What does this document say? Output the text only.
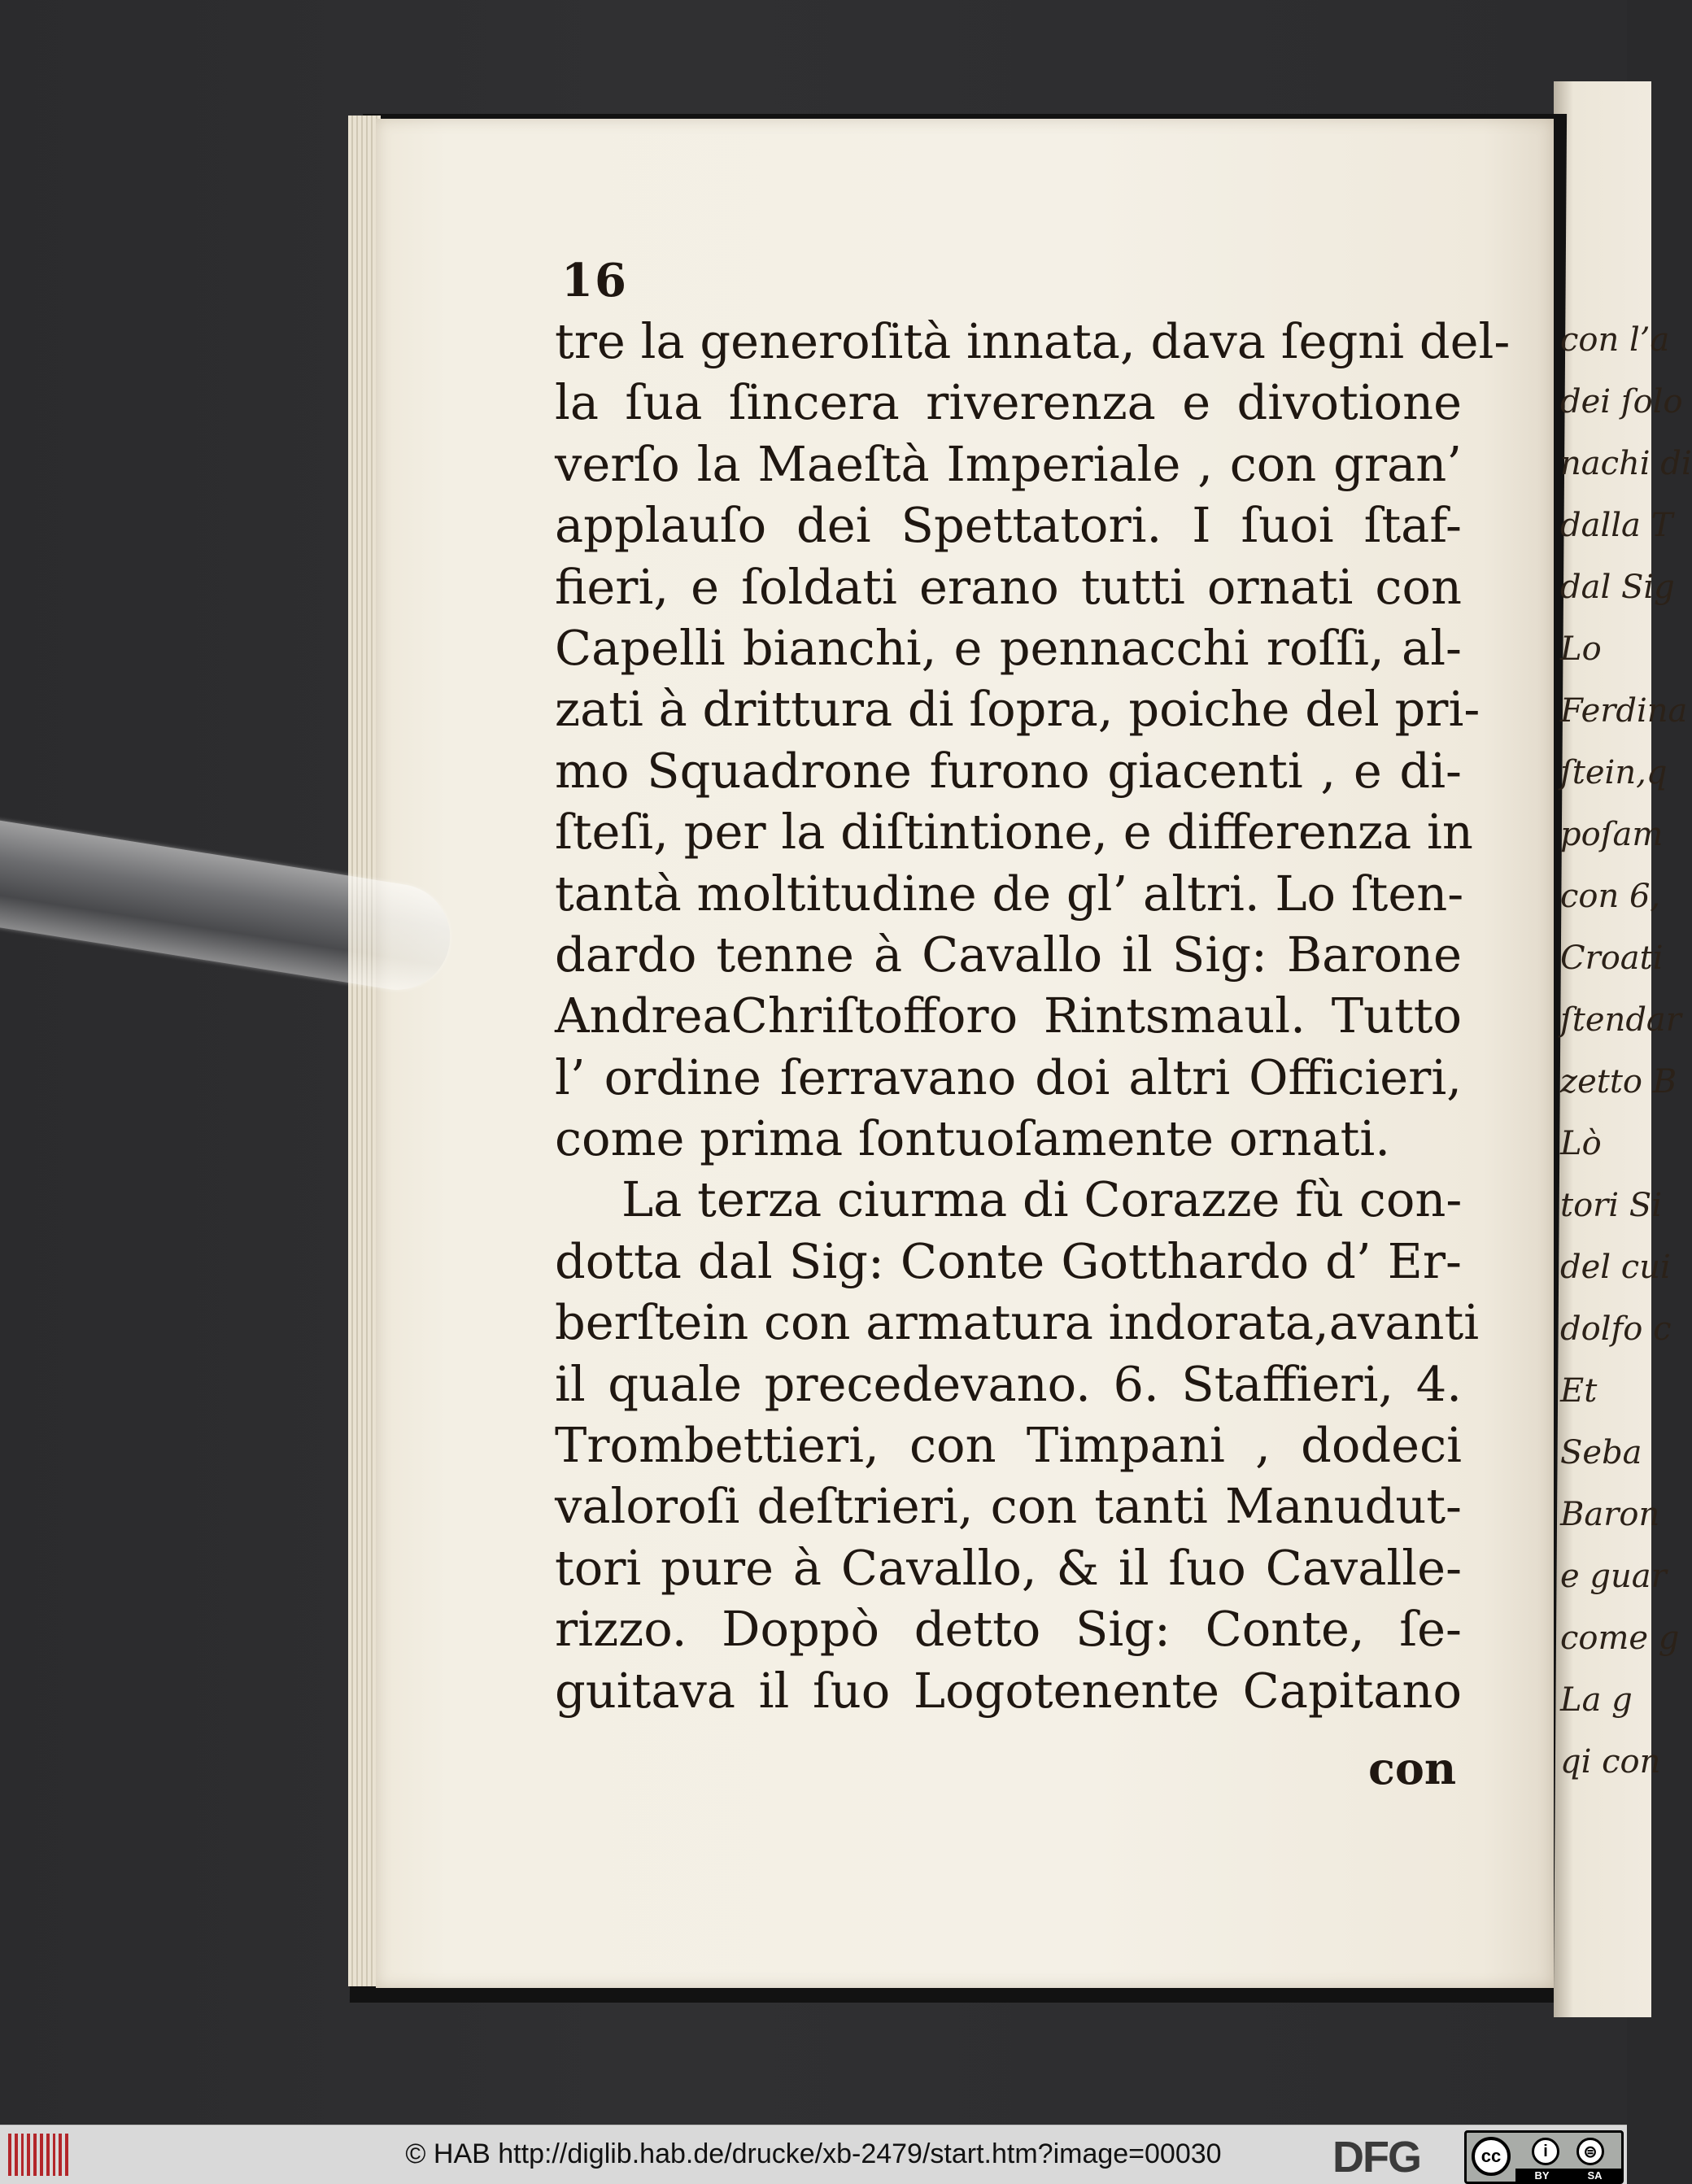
16
tre la generoſità innata, dava ſegni del-
la ſua ſincera riverenza e divotione
verſo la Maeſtà Imperiale , con gran’
applauſo dei Spettatori. I ſuoi ſtaf-
fieri, e ſoldati erano tutti ornati con
Capelli bianchi, e pennacchi roſſi, al-
zati à drittura di ſopra, poiche del pri-
mo Squadrone furono giacenti , e di-
ſteſi, per la diſtintione, e differenza in
tantà moltitudine de gl’ altri. Lo ſten-
dardo tenne à Cavallo il Sig: Barone
AndreaChriſtofforo Rintsmaul. Tutto
l’ ordine ſerravano doi altri Officieri,
come prima ſontuoſamente ornati.
La terza ciurma di Corazze fù con-
dotta dal Sig: Conte Gotthardo d’ Er-
berſtein con armatura indorata,avanti
il quale precedevano. 6. Staffieri, 4.
Trombettieri, con Timpani , dodeci
valoroſi deſtrieri, con tanti Manudut-
tori pure à Cavallo, & il ſuo Cavalle-
rizzo. Doppò detto Sig: Conte, ſe-
guitava il ſuo Logotenente Capitano
con
con l’a
dei ſolo
nachi di
dalla T
dal Sig
Lo
Ferdina
ſtein,q
poſam
con 6,
Croati
ſtendar
zetto B
Lò
tori Si
del cui
dolfo c
Et
Seba
Baron
e guar
come g
La g
qi con
© HAB http://diglib.hab.de/drucke/xb-2479/start.htm?image=00030	DFG	cc	i	⊜
BY	SA
